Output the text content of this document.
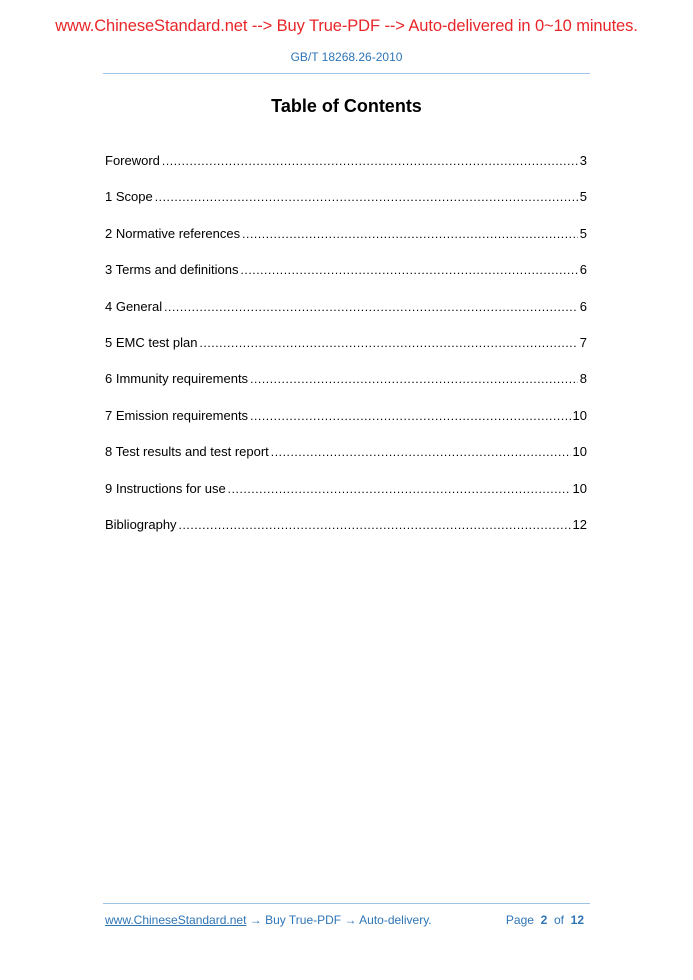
www.ChineseStandard.net --> Buy True-PDF --> Auto-delivered in 0~10 minutes.
GB/T 18268.26-2010
Table of Contents
Foreword .....	3
1 Scope .....	5
2 Normative references .....	5
3 Terms and definitions .....	6
4 General .....	6
5 EMC test plan .....	7
6 Immunity requirements .....	8
7 Emission requirements .....	10
8 Test results and test report .....	10
9 Instructions for use .....	10
Bibliography .....	12
www.ChineseStandard.net → Buy True-PDF → Auto-delivery.	Page 2 of 12
